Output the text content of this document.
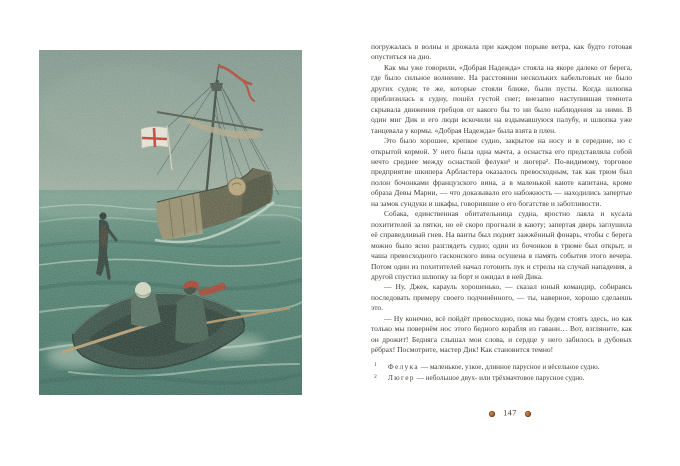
погружалась в волны и дрожала при каждом порыве ветра, как будто готовая опуститься на дно.

Как мы уже говорили, «Добрая Надежда» стояла на якоре далеко от берега, где было сильное волнение. На расстоянии нескольких кабельтовых не было других судов; те же, которые стояли ближе, были пусты. Когда шлюпка приблизилась к судну, пошёл густой снег; внезапно наступившая темнота скрывала движения гребцов от какого бы то ни было наблюдения за ними. В один миг Дик и его люди вскочили на вздымавшуюся палубу, и шлюпка уже танцевала у кормы. «Добрая Надежда» была взята в плен.

Это было хорошее, крепкое судно, закрытое на носу и в середине, но с открытой кормой. У него была одна мачта, а оснастка его представляла собой нечто среднее между оснасткой фелуки¹ и люгера². По-видимому, торговое предприятие шкипера Арбластера оказалось превосходным, так как трюм был полон бочонками французского вина, а в маленькой каюте капитана, кроме образа Девы Марии, — что доказывало его набожность — находились запертые на замок сундуки и шкафы, говорившие о его богатстве и заботливости.

Собака, единственная обитательница судна, яростно лаяла и кусала похитителей за пятки, но её скоро прогнали в каюту; запертая дверь заглушила её справедливый гнев. На ванты был поднят зажжённый фонарь, чтобы с берега можно было ясно разглядеть судно; один из бочонков в трюме был открыт, и чаша превосходного гасконского вина осушена в память события этого вечера. Потом один из похитителей начал готовить лук и стрелы на случай нападения, а другой спустил шлюпку за борт и ожидал в ней Дика.

— Ну, Джек, карауль хорошенько, — сказал юный командир, собираясь последовать примеру своего подчинённого, — ты, наверное, хорошо сделаешь это.

— Ну конечно, всё пойдёт превосходно, пока мы будем стоять здесь, но как только мы повернём нос этого бедного корабля из гавани… Вот, взгляните, как он дрожит! Бедняга слышал мои слова, и сердце у него забилось в дубовых рёбрах! Посмотрите, мастер Дик! Как становится темно!

1	Фелука — маленькое, узкое, длинное парусное и вёсельное судно.
2	Люгер — небольшое двух- или трёхмачтовое парусное судно.
147
